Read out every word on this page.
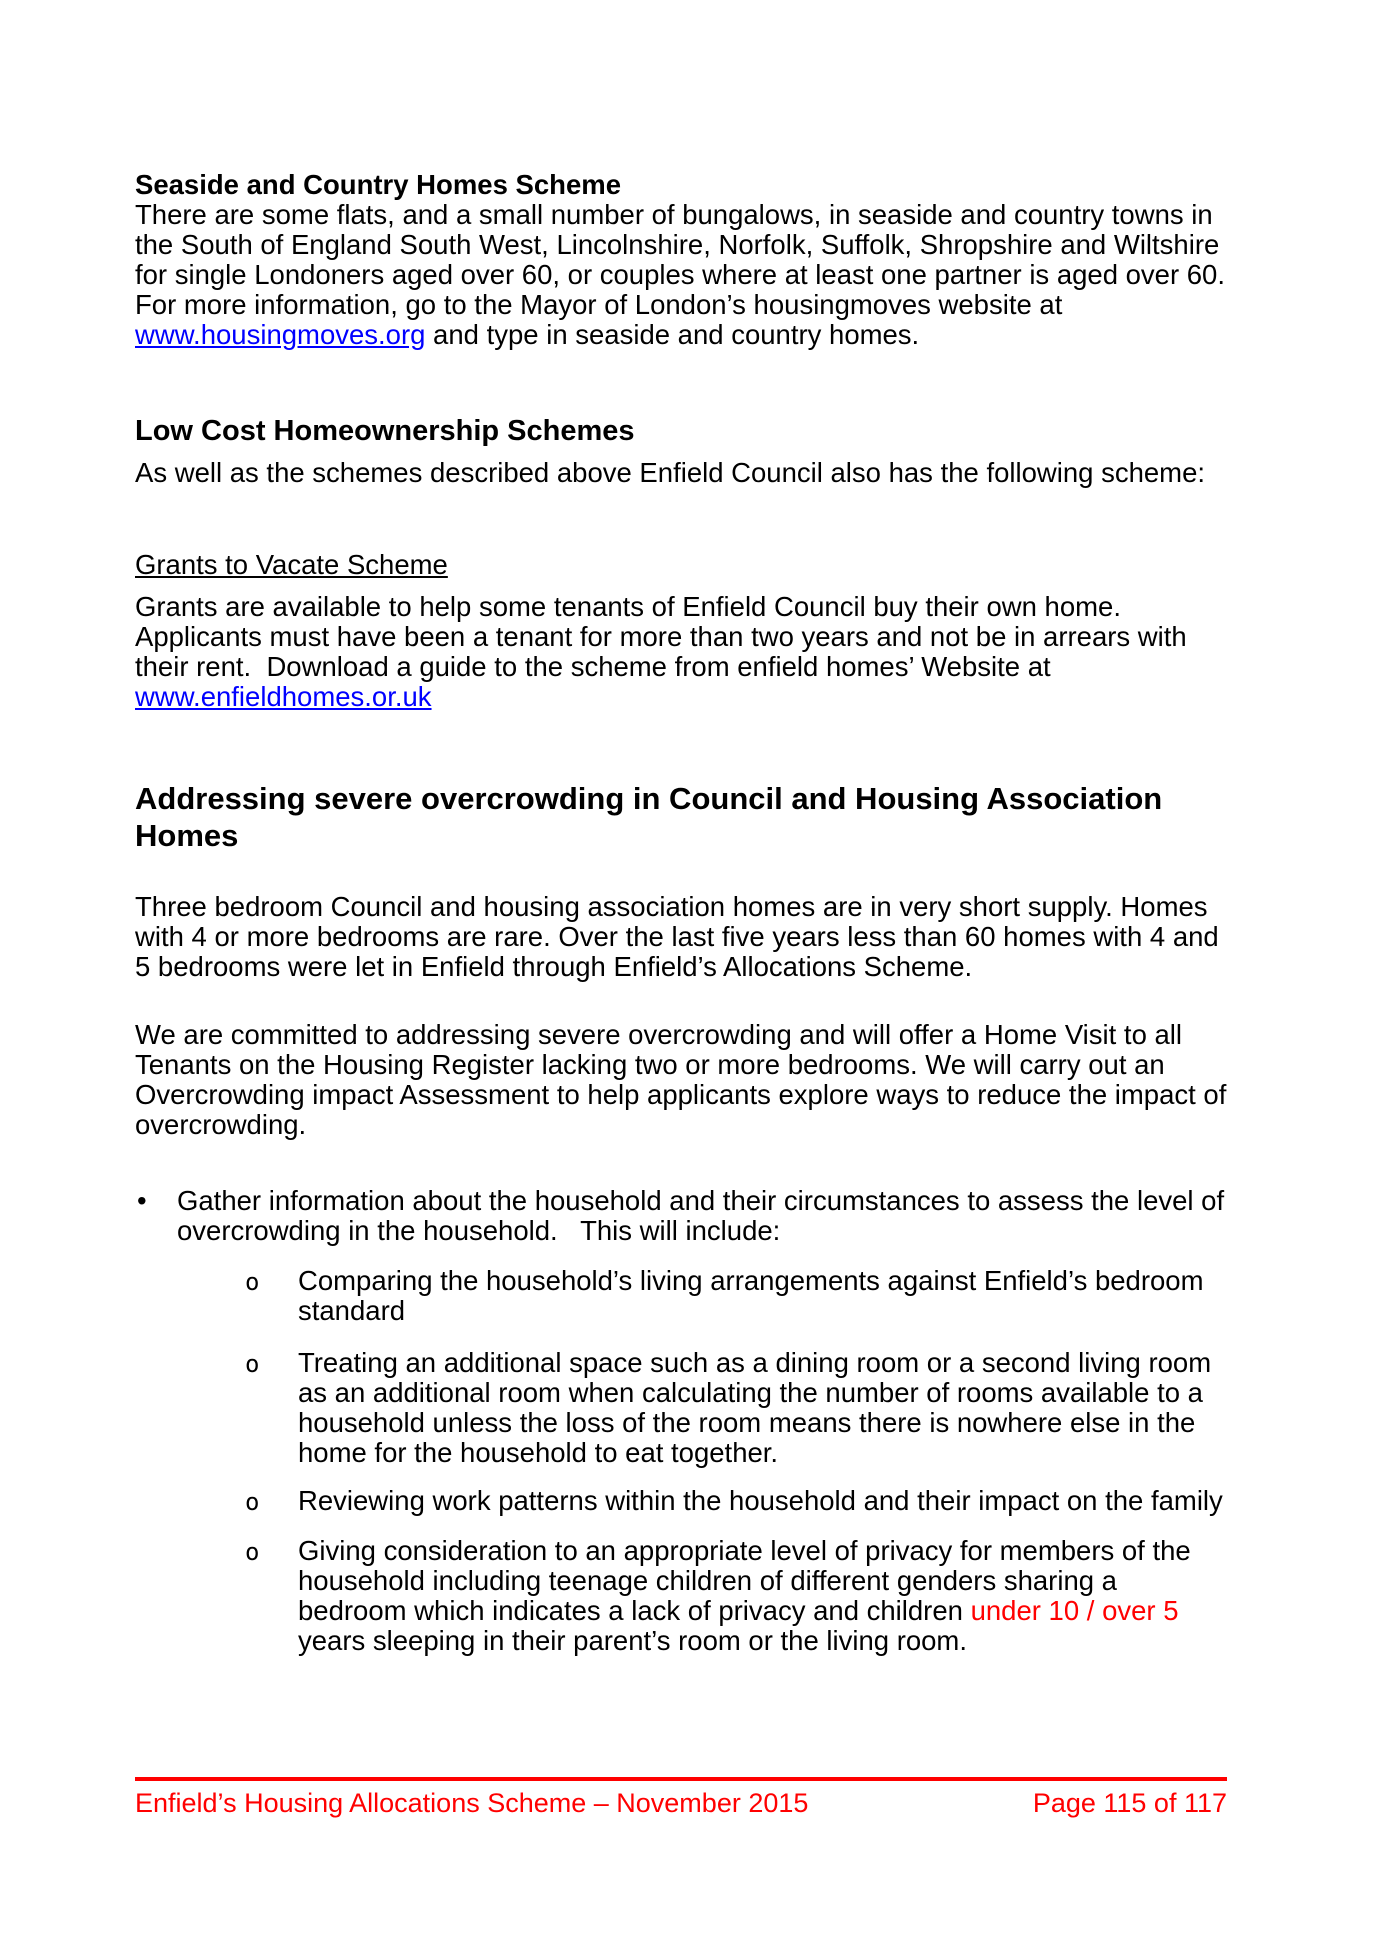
Seaside and Country Homes Scheme

There are some flats, and a small number of bungalows, in seaside and country towns in the South of England South West, Lincolnshire, Norfolk, Suffolk, Shropshire and Wiltshire for single Londoners aged over 60, or couples where at least one partner is aged over 60.  For more information, go to the Mayor of London’s housingmoves website at www.housingmoves.org and type in seaside and country homes.

Low Cost Homeownership Schemes

As well as the schemes described above Enfield Council also has the following scheme:

Grants to Vacate Scheme

Grants are available to help some tenants of Enfield Council buy their own home. Applicants must have been a tenant for more than two years and not be in arrears with their rent.  Download a guide to the scheme from enfield homes’ Website at www.enfieldhomes.or.uk

Addressing severe overcrowding in Council and Housing Association Homes

Three bedroom Council and housing association homes are in very short supply. Homes with 4 or more bedrooms are rare. Over the last five years less than 60 homes with 4 and 5 bedrooms were let in Enfield through Enfield’s Allocations Scheme.

We are committed to addressing severe overcrowding and will offer a Home Visit to all Tenants on the Housing Register lacking two or more bedrooms. We will carry out an Overcrowding impact Assessment to help applicants explore ways to reduce the impact of overcrowding.

• Gather information about the household and their circumstances to assess the level of overcrowding in the household.   This will include:
o Comparing the household’s living arrangements against Enfield’s bedroom standard
o Treating an additional space such as a dining room or a second living room as an additional room when calculating the number of rooms available to a household unless the loss of the room means there is nowhere else in the home for the household to eat together.
o Reviewing work patterns within the household and their impact on the family
o Giving consideration to an appropriate level of privacy for members of the household including teenage children of different genders sharing a bedroom which indicates a lack of privacy and children under 10 / over 5 years sleeping in their parent’s room or the living room.
Enfield’s Housing Allocations Scheme – November 2015	Page 115 of 117
